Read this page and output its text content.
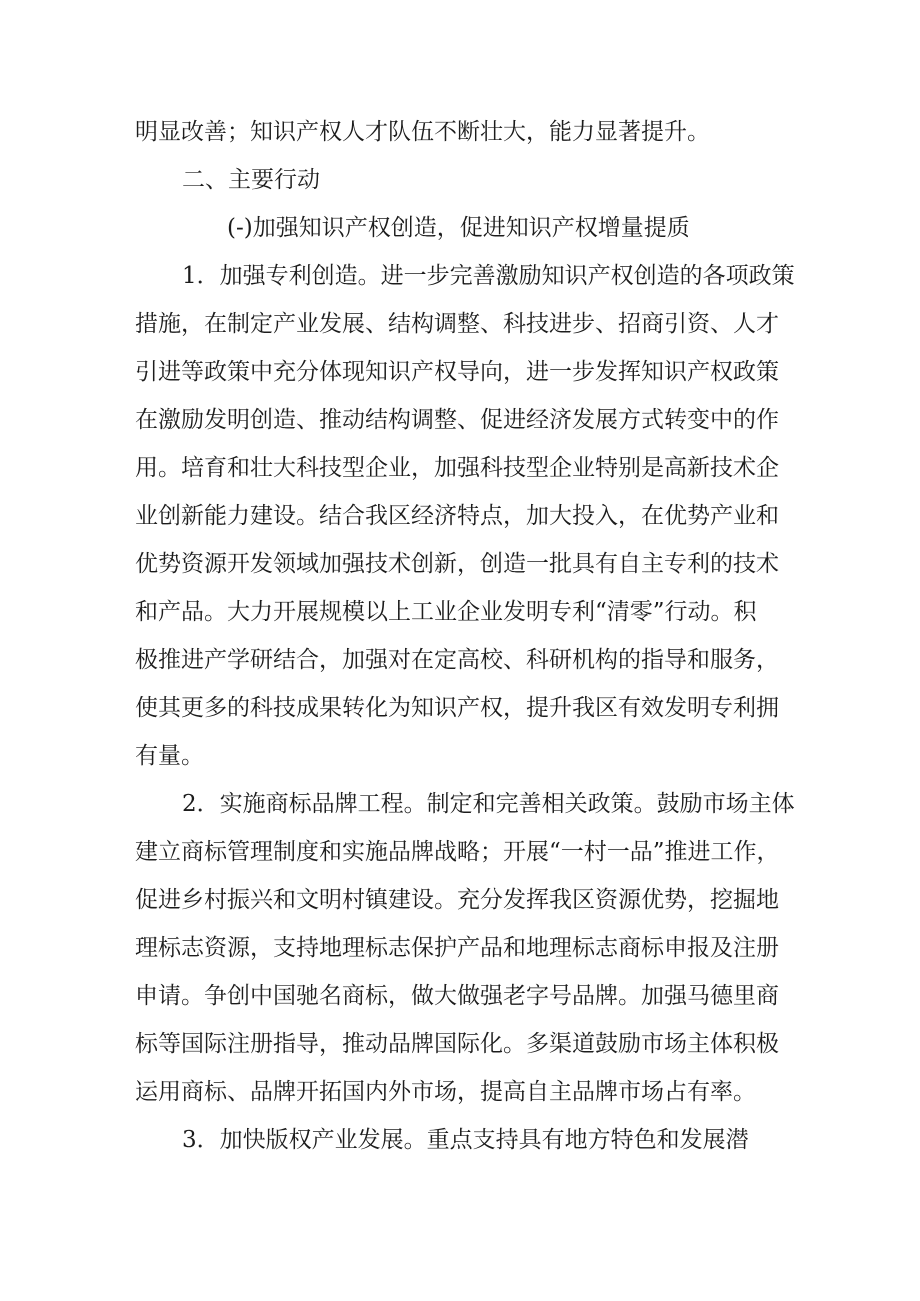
明显改善；知识产权人才队伍不断壮大，能力显著提升。
二、主要行动
(-)加强知识产权创造，促进知识产权增量提质
1．加强专利创造。进一步完善激励知识产权创造的各项政策
措施，在制定产业发展、结构调整、科技进步、招商引资、人才
引进等政策中充分体现知识产权导向，进一步发挥知识产权政策
在激励发明创造、推动结构调整、促进经济发展方式转变中的作
用。培育和壮大科技型企业，加强科技型企业特别是高新技术企
业创新能力建设。结合我区经济特点，加大投入，在优势产业和
优势资源开发领域加强技术创新，创造一批具有自主专利的技术
和产品。大力开展规模以上工业企业发明专利“清零”行动。积
极推进产学研结合，加强对在定高校、科研机构的指导和服务，
使其更多的科技成果转化为知识产权，提升我区有效发明专利拥
有量。
2．实施商标品牌工程。制定和完善相关政策。鼓励市场主体
建立商标管理制度和实施品牌战略；开展“一村一品”推进工作，
促进乡村振兴和文明村镇建设。充分发挥我区资源优势，挖掘地
理标志资源，支持地理标志保护产品和地理标志商标申报及注册
申请。争创中国驰名商标，做大做强老字号品牌。加强马德里商
标等国际注册指导，推动品牌国际化。多渠道鼓励市场主体积极
运用商标、品牌开拓国内外市场，提高自主品牌市场占有率。
3．加快版权产业发展。重点支持具有地方特色和发展潜
